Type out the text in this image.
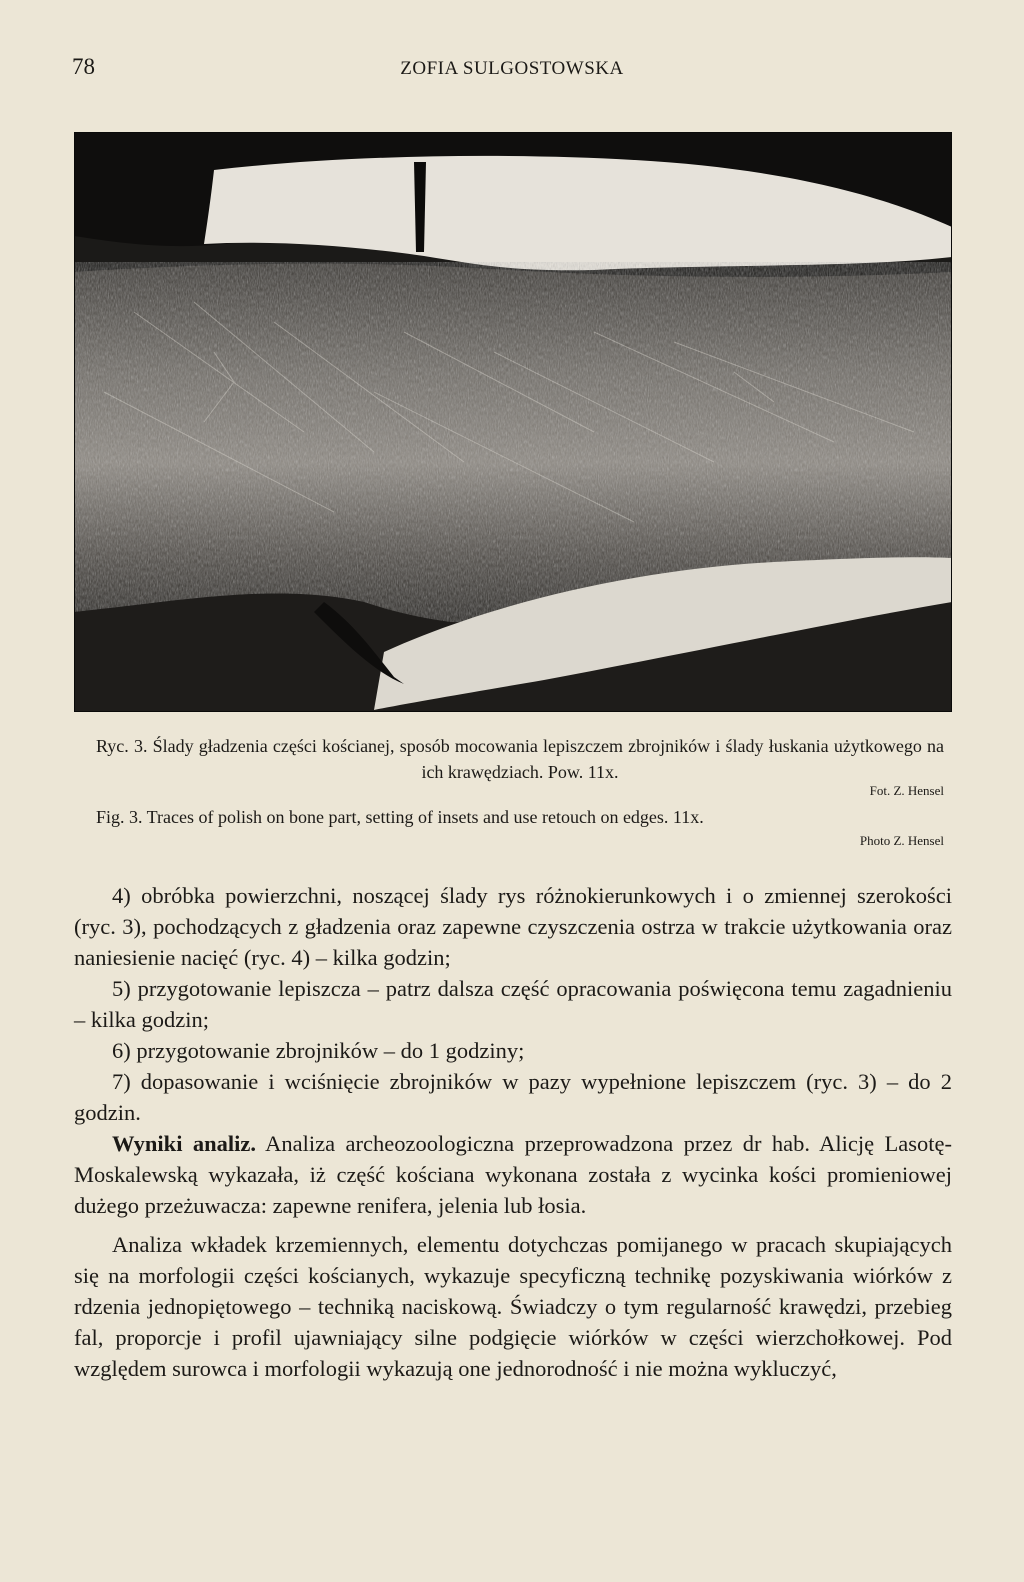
78	ZOFIA SULGOSTOWSKA
Ryc. 3. Ślady gładzenia części kościanej, sposób mocowania lepiszczem zbrojników i ślady łuskania użytkowego na ich krawędziach. Pow. 11x.
Fot. Z. Hensel
Fig. 3. Traces of polish on bone part, setting of insets and use retouch on edges. 11x.
Photo Z. Hensel

4) obróbka powierzchni, noszącej ślady rys różnokierunkowych i o zmiennej szerokości (ryc. 3), pochodzących z gładzenia oraz zapewne czyszczenia ostrza w trakcie użytkowania oraz naniesienie nacięć (ryc. 4) – kilka godzin;

5) przygotowanie lepiszcza – patrz dalsza część opracowania poświęcona temu zagadnieniu – kilka godzin;

6) przygotowanie zbrojników – do 1 godziny;

7) dopasowanie i wciśnięcie zbrojników w pazy wypełnione lepiszczem (ryc. 3) – do 2 godzin.

Wyniki analiz. Analiza archeozoologiczna przeprowadzona przez dr hab. Alicję Lasotę-Moskalewską wykazała, iż część kościana wykonana została z wycinka kości promieniowej dużego przeżuwacza: zapewne renifera, jelenia lub łosia.

Analiza wkładek krzemiennych, elementu dotychczas pomijanego w pracach skupiających się na morfologii części kościanych, wykazuje specyficzną technikę pozyskiwania wiórków z rdzenia jednopiętowego – techniką naciskową. Świadczy o tym regularność krawędzi, przebieg fal, proporcje i profil ujawniający silne podgięcie wiórków w części wierzchołkowej. Pod względem surowca i morfologii wykazują one jednorodność i nie można wykluczyć,
